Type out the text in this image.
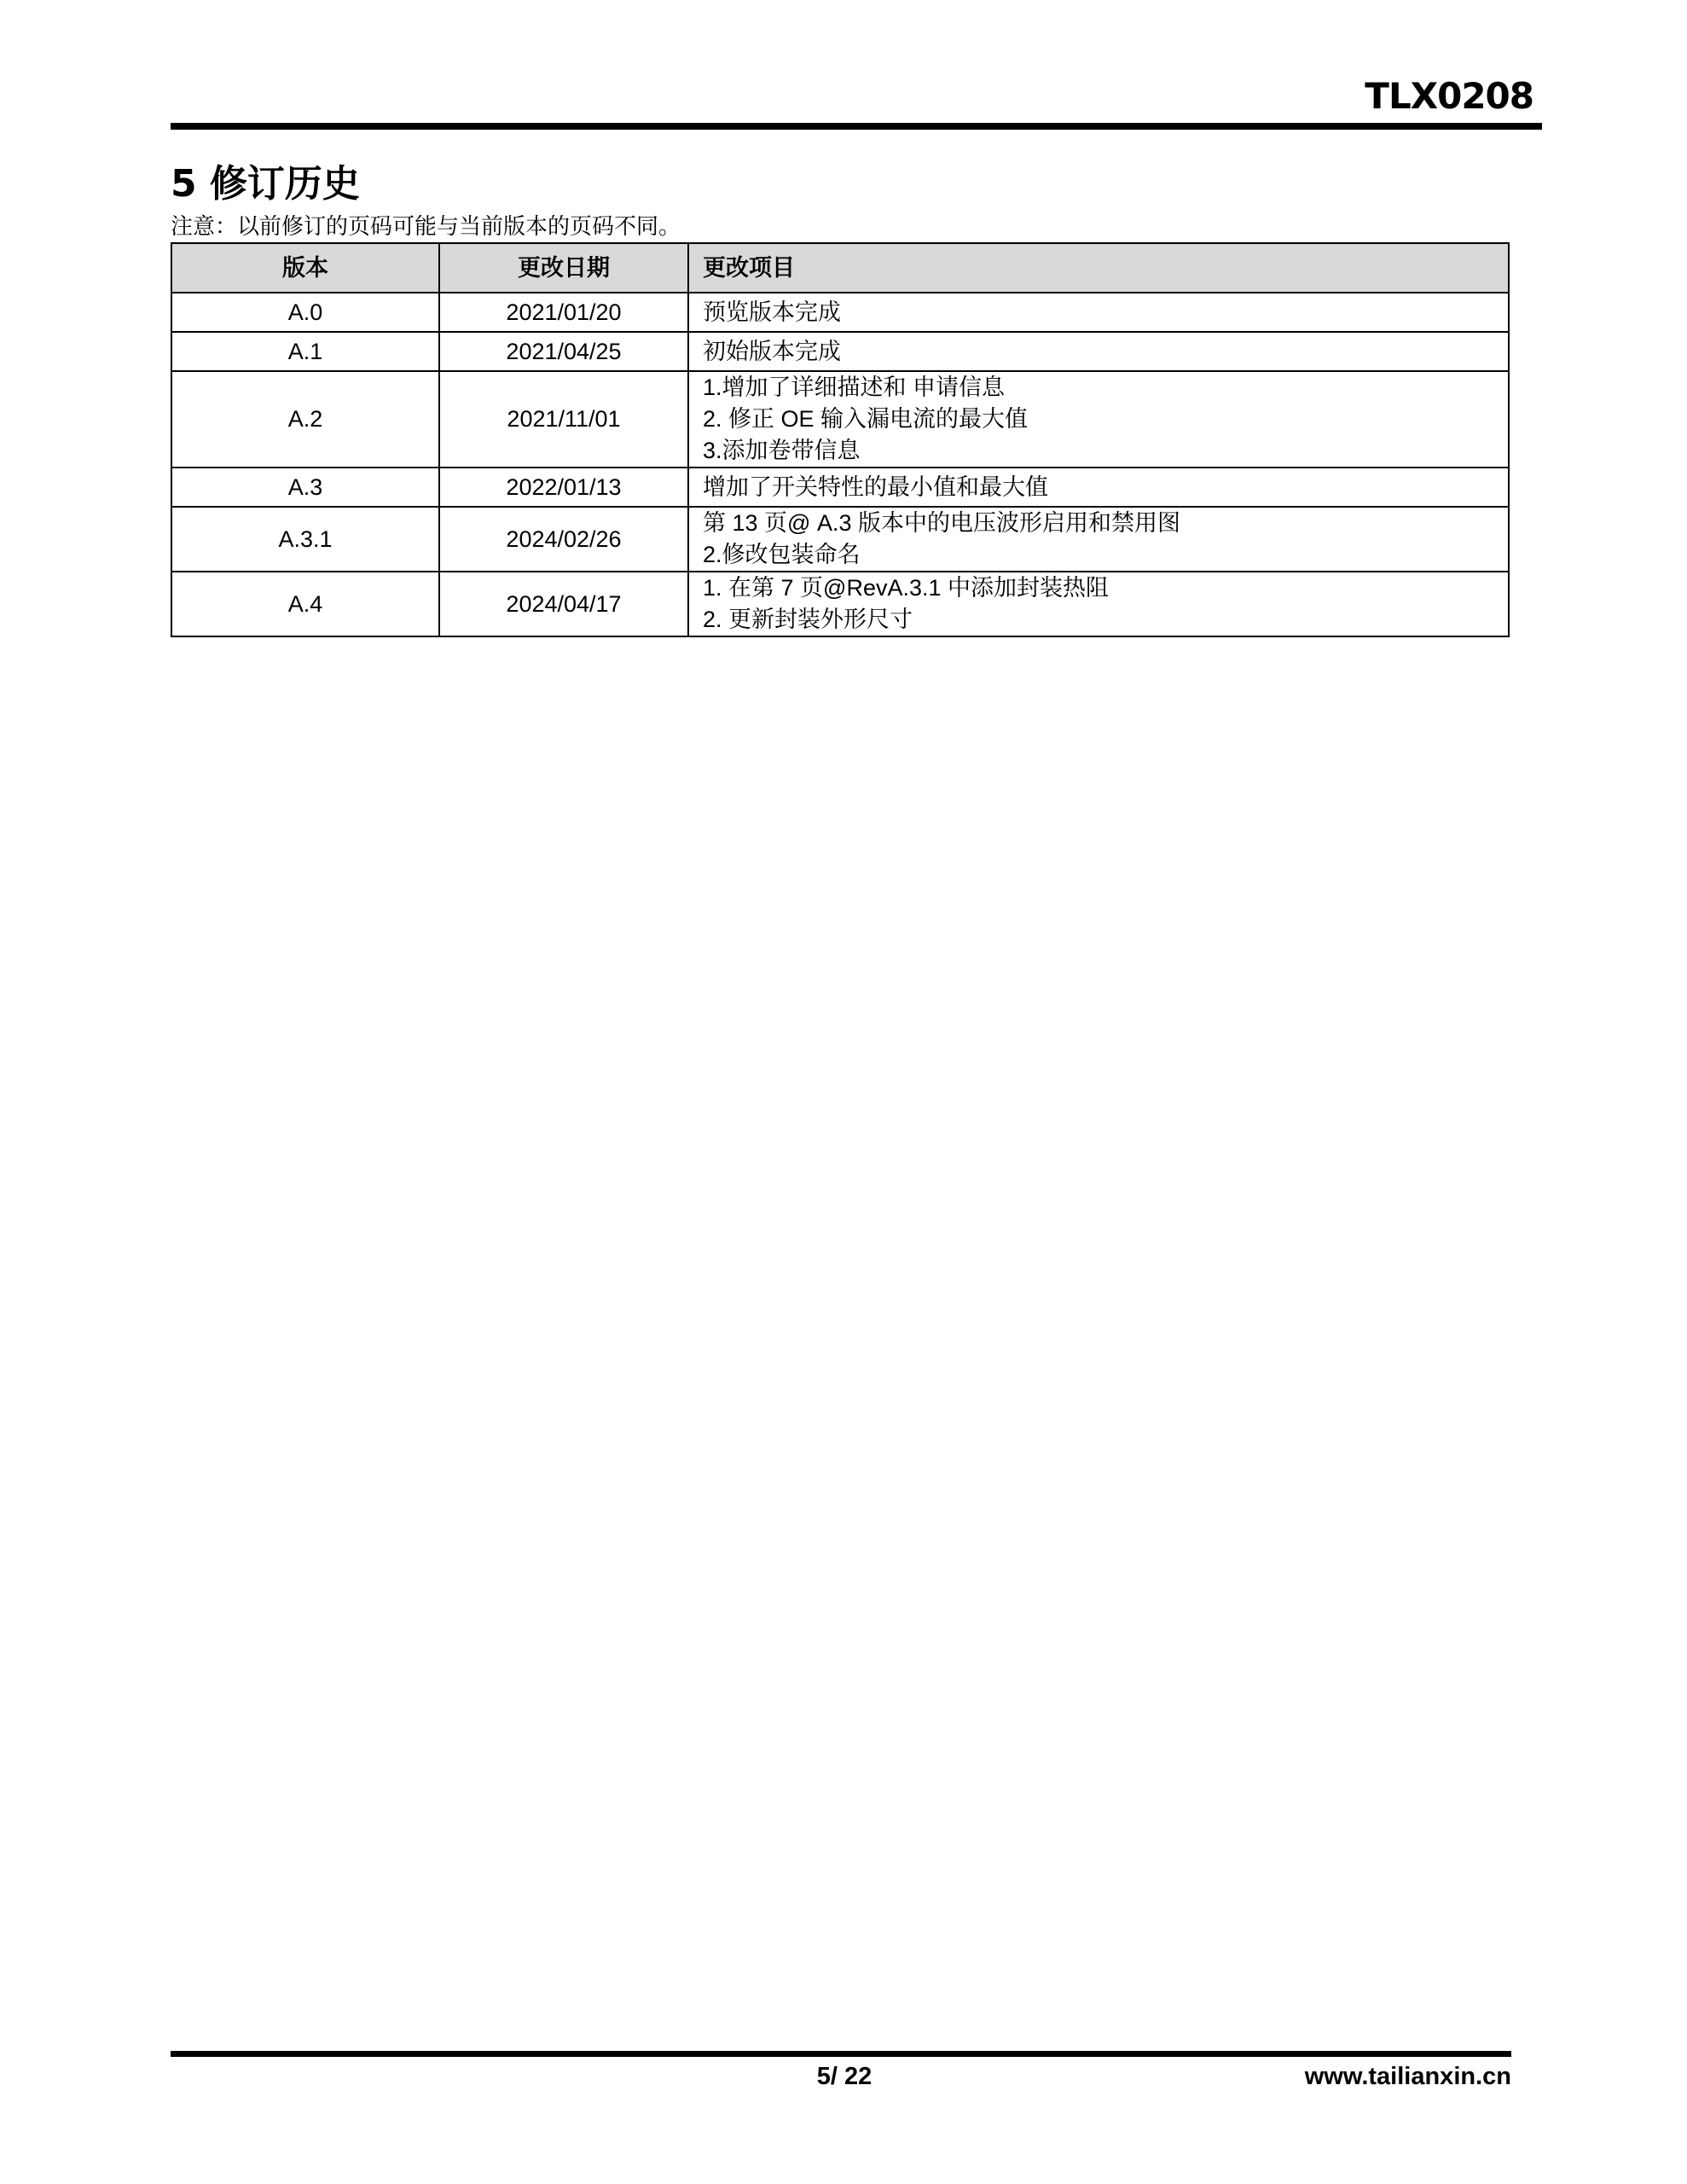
TLX0208
5 修订历史
注意：以前修订的页码可能与当前版本的页码不同。
版本	更改日期	更改项目
A.0	2021/01/20	预览版本完成

A.1	2021/04/25	初始版本完成

A.2	2021/11/01	1.增加了详细描述和 申请信息
2. 修正 OE 输入漏电流的最大值
3.添加卷带信息

A.3	2022/01/13	增加了开关特性的最小值和最大值

A.3.1	2024/02/26	第 13 页@ A.3 版本中的电压波形启用和禁用图
2.修改包装命名

A.4	2024/04/17	1. 在第 7 页@RevA.3.1 中添加封装热阻
2. 更新封装外形尺寸
5/ 22	www.tailianxin.cn
